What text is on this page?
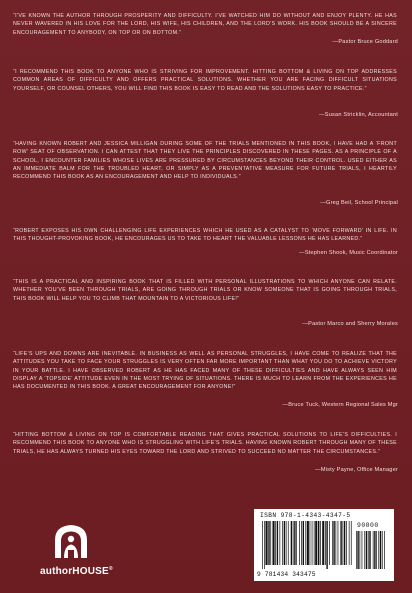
“I’VE KNOWN THE AUTHOR THROUGH PROSPERITY AND DIFFICULTY. I’VE WATCHED HIM DO WITHOUT AND ENJOY PLENTY. HE HAS NEVER WAVERED IN HIS LOVE FOR THE LORD, HIS WIFE, HIS CHILDREN, AND THE LORD’S WORK. HIS BOOK SHOULD BE A SINCERE ENCOURAGEMENT TO ANYBODY, ON TOP OR ON BOTTOM.”
—Pastor Bruce Goddard
“I RECOMMEND THIS BOOK TO ANYONE WHO IS STRIVING FOR IMPROVEMENT. HITTING BOTTOM & LIVING ON TOP ADDRESSES COMMON AREAS OF DIFFICULTY AND OFFERS PRACTICAL SOLUTIONS. WHETHER YOU ARE FACING DIFFICULT SITUATIONS YOURSELF, OR COUNSEL OTHERS, YOU WILL FIND THIS BOOK IS EASY TO READ AND THE SOLUTIONS EASY TO PRACTICE.”
—Susan Stricklin, Accountant
“HAVING KNOWN ROBERT AND JESSICA MILLIGAN DURING SOME OF THE TRIALS MENTIONED IN THIS BOOK, I HAVE HAD A ‘FRONT ROW’ SEAT OF OBSERVATION. I CAN ATTEST THAT THEY LIVE THE PRINCIPLES DISCOVERED IN THESE PAGES. AS A PRINCIPLE OF A SCHOOL, I ENCOUNTER FAMILIES WHOSE LIVES ARE PRESSURED BY CIRCUMSTANCES BEYOND THEIR CONTROL. USED EITHER AS AN IMMEDIATE BALM FOR THE TROUBLED HEART, OR SIMPLY AS A PREVENTATIVE MEASURE FOR FUTURE TRIALS, I HEARTILY RECOMMEND THIS BOOK AS AN ENCOURAGEMENT AND HELP TO INDIVIDUALS.”
—Greg Beil, School Principal
“ROBERT EXPOSES HIS OWN CHALLENGING LIFE EXPERIENCES WHICH HE USED AS A CATALYST TO ‘MOVE FORWARD’ IN LIFE. IN THIS THOUGHT-PROVOKING BOOK, HE ENCOURAGES US TO TAKE TO HEART THE VALUABLE LESSONS HE HAS LEARNED.”
—Stephen Shook, Music Coordinator
“THIS IS A PRACTICAL AND INSPIRING BOOK THAT IS FILLED WITH PERSONAL ILLUSTRATIONS TO WHICH ANYONE CAN RELATE. WHETHER YOU’VE BEEN THROUGH TRIALS, ARE GOING THROUGH TRIALS OR KNOW SOMEONE THAT IS GOING THROUGH TRIALS, THIS BOOK WILL HELP YOU TO CLIMB THAT MOUNTAIN TO A VICTORIOUS LIFE!”
—Pastor Marco and Sherry Morales
“LIFE’S UPS AND DOWNS ARE INEVITABLE. IN BUSINESS AS WELL AS PERSONAL STRUGGLES, I HAVE COME TO REALIZE THAT THE ATTITUDES YOU TAKE TO FACE YOUR STRUGGLES IS VERY OFTEN FAR MORE IMPORTANT THAN WHAT YOU DO TO ACHIEVE VICTORY IN YOUR BATTLE. I HAVE OBSERVED ROBERT AS HE HAS FACED MANY OF THESE DIFFICULTIES AND HAVE ALWAYS SEEN HIM DISPLAY A ‘TOPSIDE’ ATTITUDE EVEN IN THE MOST TRYING OF SITUATIONS. THERE IS MUCH TO LEARN FROM THE EXPERIENCES HE HAS DOCUMENTED IN THIS BOOK. A GREAT ENCOURAGEMENT FOR ANYONE!”
—Bruce Tuck, Western Regional Sales Mgr
“HITTING BOTTOM & LIVING ON TOP IS COMFORTABLE READING THAT GIVES PRACTICAL SOLUTIONS TO LIFE’S DIFFICULTIES. I RECOMMEND THIS BOOK TO ANYONE WHO IS STRUGGLING WITH LIFE’S TRIALS. HAVING KNOWN ROBERT THROUGH MANY OF THESE TRIALS, HE HAS ALWAYS TURNED HIS EYES TOWARD THE LORD AND STRIVED TO SUCCEED NO MATTER THE CIRCUMSTANCES.”
—Misty Payne, Office Manager
authorHOUSE®
ISBN 978-1-4343-4347-5
90000
9 781434 343475
